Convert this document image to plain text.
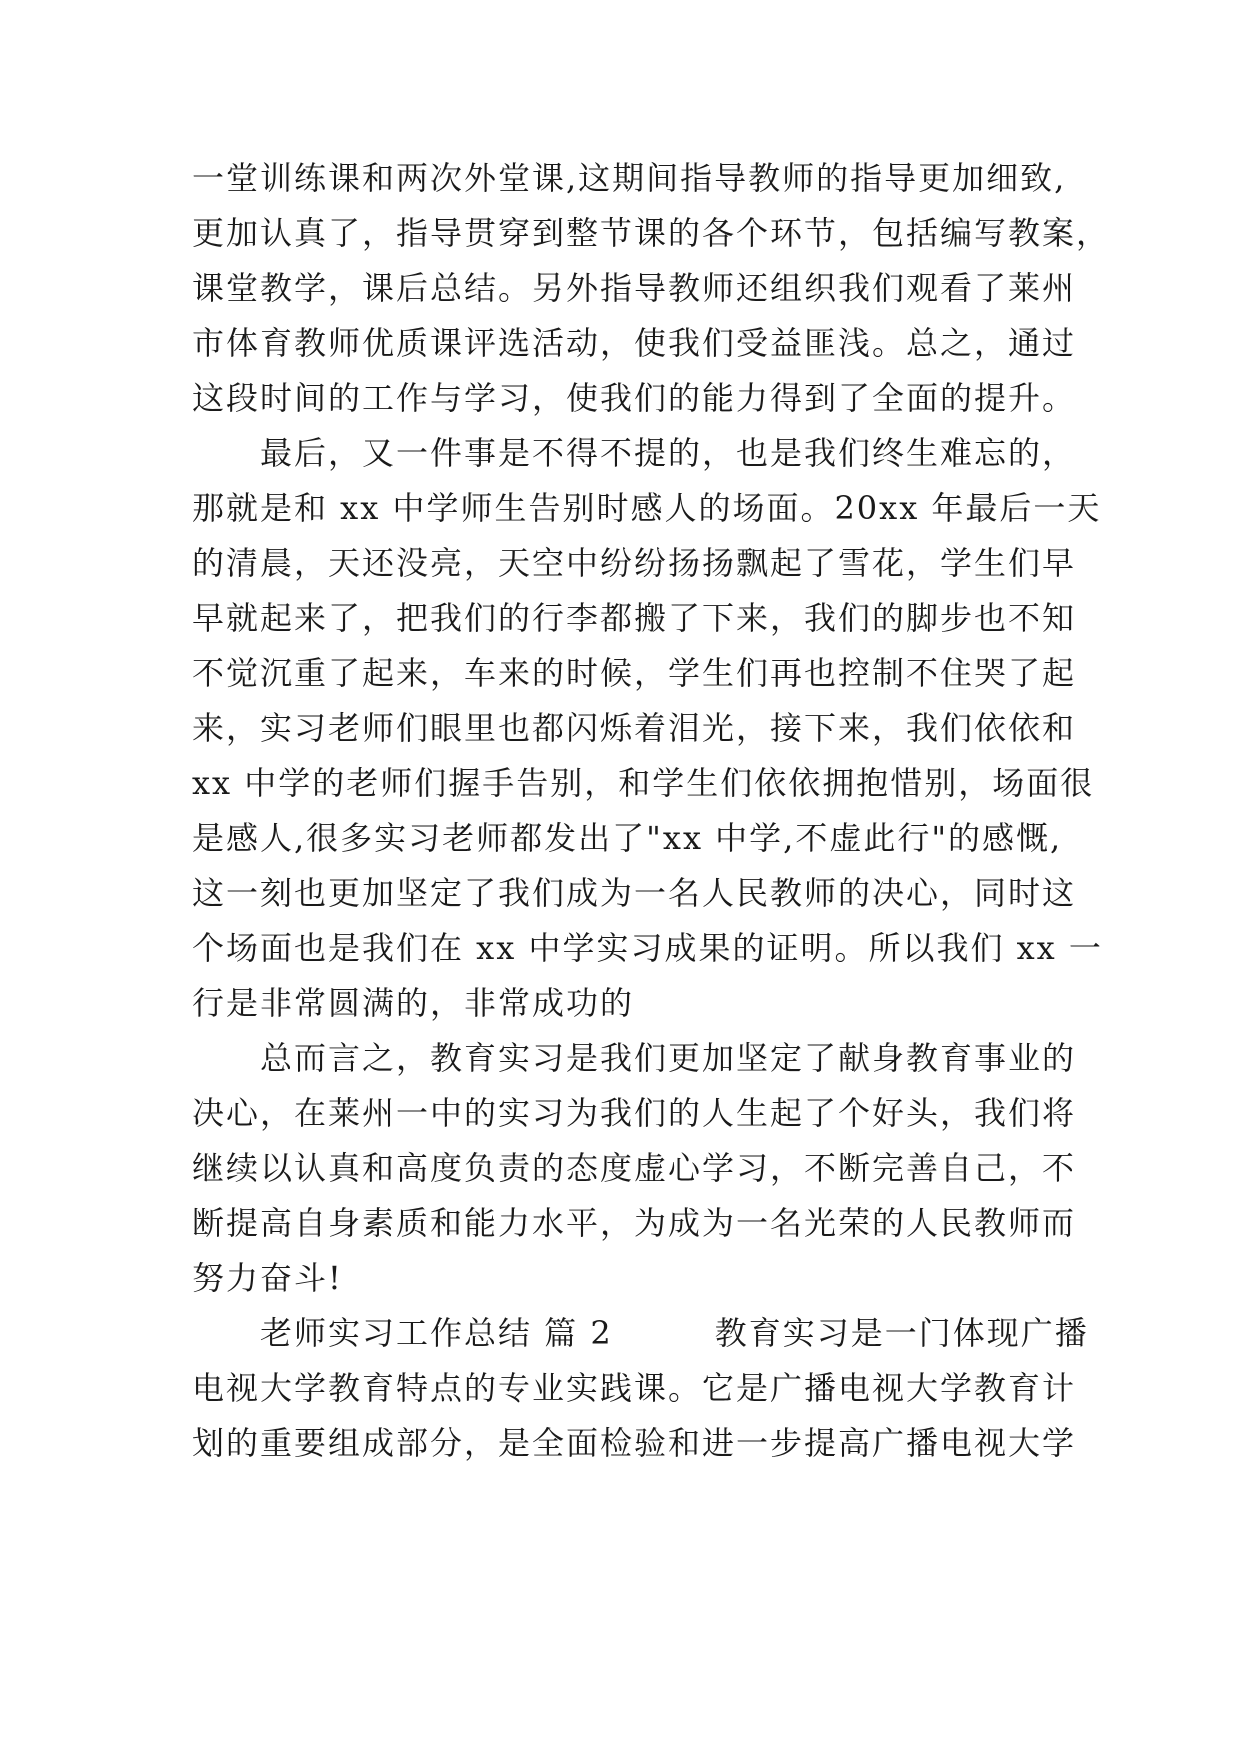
一堂训练课和两次外堂课,这期间指导教师的指导更加细致,
更加认真了，指导贯穿到整节课的各个环节，包括编写教案，
课堂教学，课后总结。另外指导教师还组织我们观看了莱州
市体育教师优质课评选活动，使我们受益匪浅。总之，通过
这段时间的工作与学习，使我们的能力得到了全面的提升。
　　最后，又一件事是不得不提的，也是我们终生难忘的，
那就是和 xx 中学师生告别时感人的场面。20xx 年最后一天
的清晨，天还没亮，天空中纷纷扬扬飘起了雪花，学生们早
早就起来了，把我们的行李都搬了下来，我们的脚步也不知
不觉沉重了起来，车来的时候，学生们再也控制不住哭了起
来，实习老师们眼里也都闪烁着泪光，接下来，我们依依和
xx 中学的老师们握手告别，和学生们依依拥抱惜别，场面很
是感人,很多实习老师都发出了"xx 中学,不虚此行"的感慨,
这一刻也更加坚定了我们成为一名人民教师的决心，同时这
个场面也是我们在 xx 中学实习成果的证明。所以我们 xx 一
行是非常圆满的，非常成功的
　　总而言之，教育实习是我们更加坚定了献身教育事业的
决心，在莱州一中的实习为我们的人生起了个好头，我们将
继续以认真和高度负责的态度虚心学习，不断完善自己，不
断提高自身素质和能力水平，为成为一名光荣的人民教师而
努力奋斗!
　　老师实习工作总结 篇 2　　　教育实习是一门体现广播
电视大学教育特点的专业实践课。它是广播电视大学教育计
划的重要组成部分，是全面检验和进一步提高广播电视大学
